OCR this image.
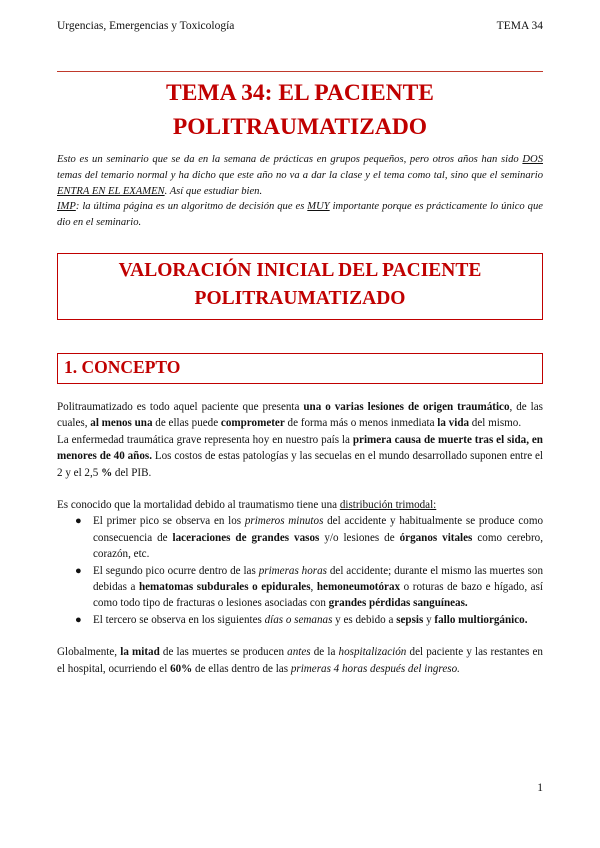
Urgencias, Emergencias y Toxicología	TEMA 34
TEMA 34: EL PACIENTE
POLITRAUMATIZADO

Esto es un seminario que se da en la semana de prácticas en grupos pequeños, pero otros años han sido DOS temas del temario normal y ha dicho que este año no va a dar la clase y el tema como tal, sino que el seminario ENTRA EN EL EXAMEN. Así que estudiar bien.

IMP: la última página es un algoritmo de decisión que es MUY importante porque es prácticamente lo único que dio en el seminario.

VALORACIÓN INICIAL DEL PACIENTE
POLITRAUMATIZADO
1. CONCEPTO

Politraumatizado es todo aquel paciente que presenta una o varias lesiones de origen traumático, de las cuales, al menos una de ellas puede comprometer de forma más o menos inmediata la vida del mismo.

La enfermedad traumática grave representa hoy en nuestro país la primera causa de muerte tras el sida, en menores de 40 años. Los costos de estas patologías y las secuelas en el mundo desarrollado suponen entre el 2 y el 2,5 % del PIB.

Es conocido que la mortalidad debido al traumatismo tiene una distribución trimodal:

● El primer pico se observa en los primeros minutos del accidente y habitualmente se produce como consecuencia de laceraciones de grandes vasos y/o lesiones de órganos vitales como cerebro, corazón, etc.
● El segundo pico ocurre dentro de las primeras horas del accidente; durante el mismo las muertes son debidas a hematomas subdurales o epidurales, hemoneumotórax o roturas de bazo e hígado, así como todo tipo de fracturas o lesiones asociadas con grandes pérdidas sanguíneas.
● El tercero se observa en los siguientes días o semanas y es debido a sepsis y fallo multiorgánico.

Globalmente, la mitad de las muertes se producen antes de la hospitalización del paciente y las restantes en el hospital, ocurriendo el 60% de ellas dentro de las primeras 4 horas después del ingreso.

1
